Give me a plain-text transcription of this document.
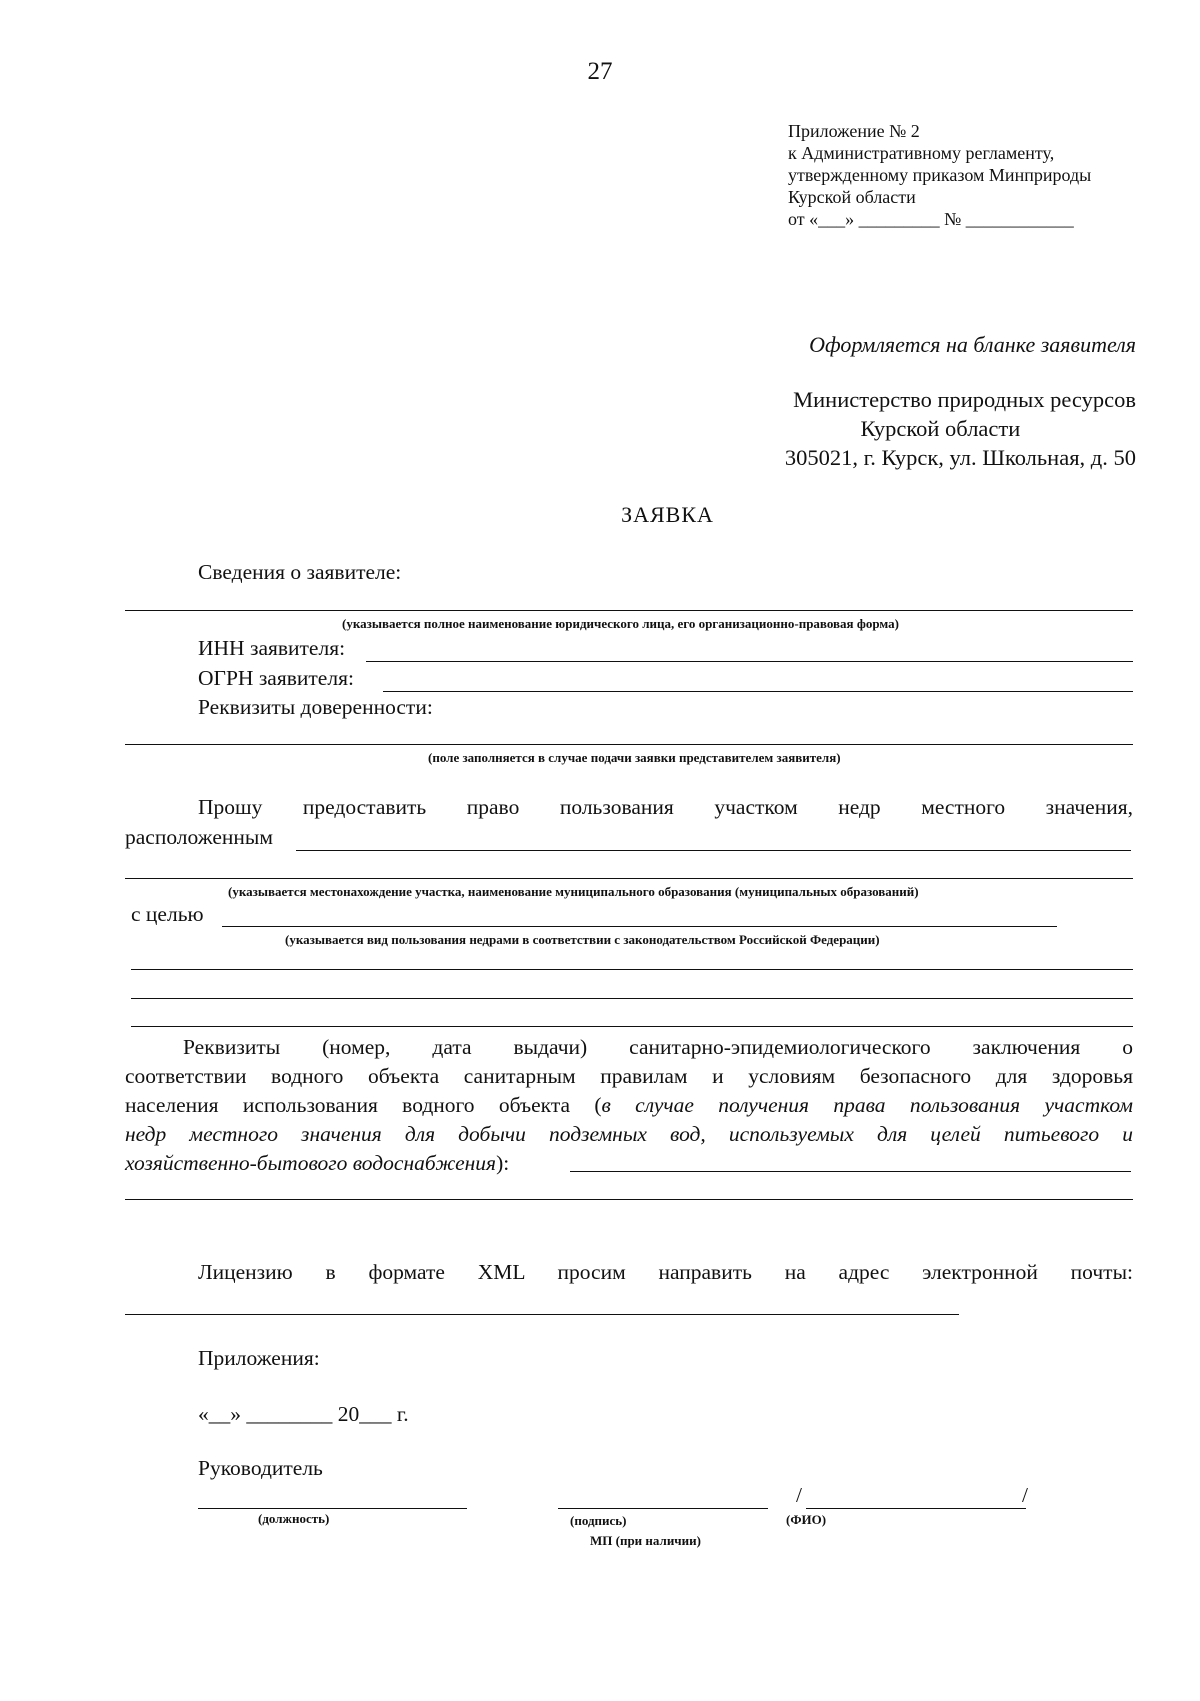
27
Приложение № 2
к Административному регламенту,
утвержденному приказом Минприроды
Курской области
от «___» _________ № ____________
Оформляется на бланке заявителя
Министерство природных ресурсов
Курской области
305021, г. Курск, ул. Школьная, д. 50
ЗАЯВКА
Сведения о заявителе:
(указывается полное наименование юридического лица, его организационно-правовая форма)
ИНН заявителя:
ОГРН заявителя:
Реквизиты доверенности:
(поле заполняется в случае подачи заявки представителем заявителя)
Прошу предоставить право пользования участком недр местного значения,
расположенным
(указывается местонахождение участка, наименование муниципального образования (муниципальных образований)
с целью
(указывается вид пользования недрами в соответствии с законодательством Российской Федерации)
Реквизиты (номер, дата выдачи) санитарно-эпидемиологического заключения о
соответствии водного объекта санитарным правилам и условиям безопасного для здоровья
населения использования водного объекта (в случае получения права пользования участком
недр местного значения для добычи подземных вод, используемых для целей питьевого и
хозяйственно-бытового водоснабжения):
Лицензию в формате XML просим направить на адрес электронной почты:
Приложения:
«__» ________ 20___ г.
Руководитель
(должность)	(подпись)
МП (при наличии)
/	/
(ФИО)
